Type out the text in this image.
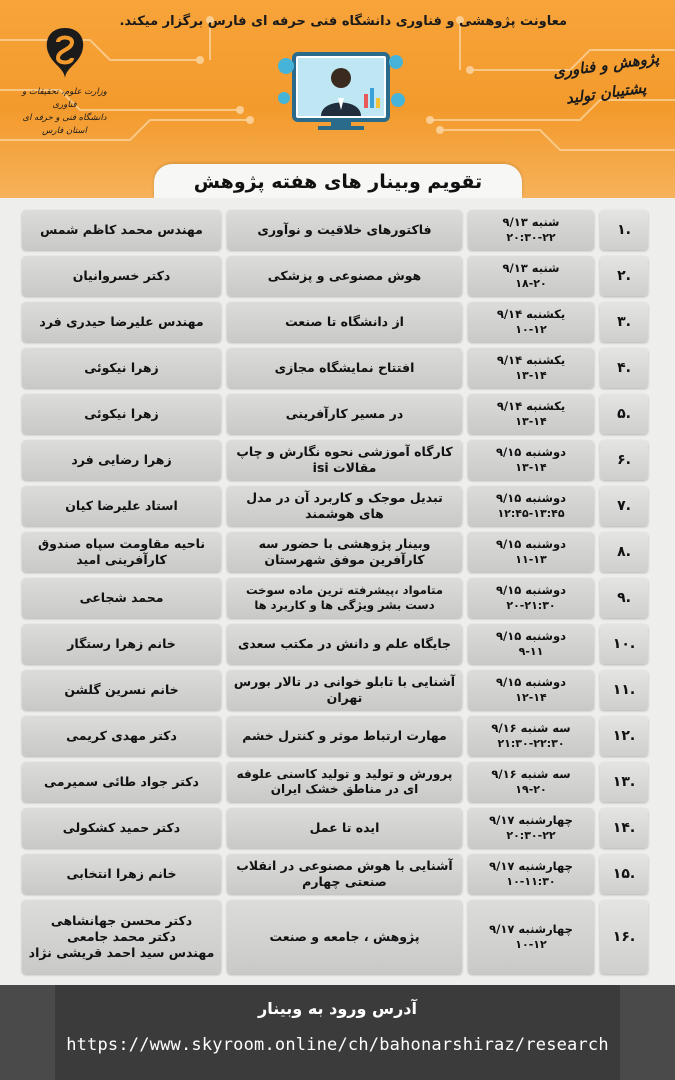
معاونت پژوهشی و فناوری دانشگاه فنی حرفه ای فارس برگزار میکند.
وزارت علوم، تحقیقات و فناوری
دانشگاه فنی و حرفه ای
استان فارس
پژوهش و فناوری
پشتیبان تولید
تقویم وبینار های هفته پژوهش
.۱
شنبه ۹/۱۳
۲۰:۳۰-۲۲
فاکتورهای خلاقیت و نوآوری
مهندس محمد کاظم شمس
.۲
شنبه ۹/۱۳
۱۸-۲۰
هوش مصنوعی و پزشکی
دکتر خسروانیان
.۳
یکشنبه ۹/۱۴
۱۰-۱۲
از دانشگاه تا صنعت
مهندس علیرضا حیدری فرد
.۴
یکشنبه ۹/۱۴
۱۳-۱۴
افتتاح نمایشگاه مجازی
زهرا نیکوئی
.۵
یکشنبه ۹/۱۴
۱۳-۱۴
در مسیر کارآفرینی
زهرا نیکوئی
.۶
دوشنبه ۹/۱۵
۱۳-۱۴
کارگاه آموزشی نحوه نگارش و چاپ مقالات isi
زهرا رضایی فرد
.۷
دوشنبه ۹/۱۵
۱۲:۴۵-۱۳:۴۵
تبدیل موجک و کاربرد آن در مدل های هوشمند
استاد علیرضا کیان
.۸
دوشنبه ۹/۱۵
۱۱-۱۳
وبینار پژوهشی با حضور سه کارآفرین موفق شهرستان
ناحیه مقاومت سپاه صندوق
کارآفرینی امید
.۹
دوشنبه ۹/۱۵
۲۰-۲۱:۳۰
متامواد ،پیشرفته ترین ماده سوخت دست بشر ویژگی ها و کاربرد ها
محمد شجاعی
.۱۰
دوشنبه ۹/۱۵
۹-۱۱
جایگاه علم و دانش در مکتب سعدی
خانم زهرا رستگار
.۱۱
دوشنبه ۹/۱۵
۱۲-۱۴
آشنایی با تابلو خوانی در تالار بورس تهران
خانم نسرین گلشن
.۱۲
سه شنبه ۹/۱۶
۲۱:۳۰-۲۲:۳۰
مهارت ارتباط موثر و کنترل خشم
دکتر مهدی کریمی
.۱۳
سه شنبه ۹/۱۶
۱۹-۲۰
پرورش و تولید و تولید کاسنی علوفه ای در مناطق خشک ایران
دکتر جواد طائی سمیرمی
.۱۴
چهارشنبه ۹/۱۷
۲۰:۳۰-۲۲
ایده تا عمل
دکتر حمید کشکولی
.۱۵
چهارشنبه ۹/۱۷
۱۰-۱۱:۳۰
آشنایی با هوش مصنوعی در انقلاب صنعتی چهارم
خانم زهرا انتخابی
.۱۶
چهارشنبه ۹/۱۷
۱۰-۱۲
پژوهش ، جامعه و صنعت
دکتر محسن جهانشاهی
دکتر محمد جامعی
مهندس سید احمد قریشی نژاد
آدرس ورود به وبینار
https://www.skyroom.online/ch/bahonarshiraz/research
